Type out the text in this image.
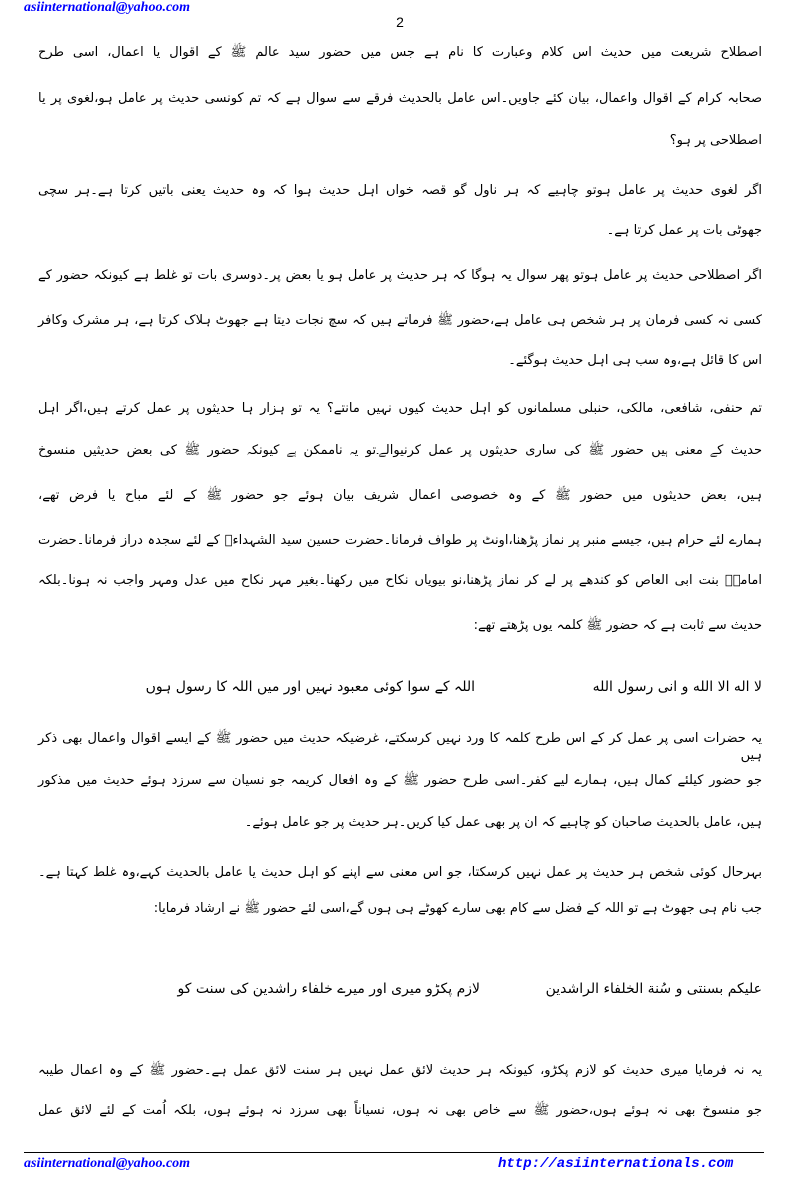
asiinternational@yahoo.com
2
اصطلاح شریعت میں حدیث اس کلام وعبارت کا نام ہے جس میں حضور سید عالم ﷺ کے اقوال یا اعمال، اسی طرح
صحابہ کرام کے اقوال واعمال، بیان کئے جاویں۔اس عامل بالحدیث فرقے سے سوال ہے کہ تم کونسی حدیث پر عامل ہو،لغوی پر یا
اصطلاحی پر ہو؟
اگر لغوی حدیث پر عامل ہوتو چاہیے کہ ہر ناول گو قصہ خواں اہل حدیث ہوا کہ وہ حدیث یعنی باتیں کرتا ہے۔ہر سچی
جھوٹی بات پر عمل کرتا ہے۔
اگر اصطلاحی حدیث پر عامل ہوتو پھر سوال یہ ہوگا کہ ہر حدیث پر عامل ہو یا بعض پر۔دوسری بات تو غلط ہے کیونکہ حضور کے
کسی نہ کسی فرمان پر ہر شخص ہی عامل ہے،حضور ﷺ فرماتے ہیں کہ سچ نجات دیتا ہے جھوٹ ہلاک کرتا ہے، ہر مشرک وکافر
اس کا قائل ہے،وہ سب ہی اہل حدیث ہوگئے۔
تم حنفی، شافعی، مالکی، حنبلی مسلمانوں کو اہل حدیث کیوں نہیں مانتے؟ یہ تو ہزار ہا حدیثوں پر عمل کرتے ہیں،اگر اہل
حدیث کے معنی ہیں حضور ﷺ کی ساری حدیثوں پر عمل کرنیوالے۔تو یہ ناممکن ہے کیونکہ حضور ﷺ کی بعض حدیثیں منسوخ
ہیں، بعض حدیثوں میں حضور ﷺ کے وہ خصوصی اعمال شریف بیان ہوئے جو حضور ﷺ کے لئے مباح یا فرض تھے،
ہمارے لئے حرام ہیں، جیسے منبر پر نماز پڑھنا،اونٹ پر طواف فرمانا۔حضرت حسین سید الشہداءؓ کے لئے سجدہ دراز فرمانا۔حضرت
امامہؓ بنت ابی العاص کو کندھے پر لے کر نماز پڑھنا،نو بیویاں نکاح میں رکھنا۔بغیر مہر نکاح میں عدل ومہر واجب نہ ہونا۔بلکہ
حدیث سے ثابت ہے کہ حضور ﷺ کلمہ یوں پڑھتے تھے:
لا اله الا الله و انی رسول الله
اللہ کے سوا کوئی معبود نہیں اور میں اللہ کا رسول ہوں
یہ حضرات اسی پر عمل کر کے اس طرح کلمہ کا ورد نہیں کرسکتے، غرضیکہ حدیث میں حضور ﷺ کے ایسے اقوال واعمال بھی ذکر ہیں
جو حضور کیلئے کمال ہیں، ہمارے لیے کفر۔اسی طرح حضور ﷺ کے وہ افعال کریمہ جو نسیان سے سرزد ہوئے حدیث میں مذکور
ہیں، عامل بالحدیث صاحبان کو چاہیے کہ ان پر بھی عمل کیا کریں۔ہر حدیث پر جو عامل ہوئے۔
بہرحال کوئی شخص ہر حدیث پر عمل نہیں کرسکتا، جو اس معنی سے اپنے کو اہل حدیث یا عامل بالحدیث کہے،وہ غلط کہتا ہے۔
جب نام ہی جھوٹ ہے تو اللہ کے فضل سے کام بھی سارے کھوٹے ہی ہوں گے،اسی لئے حضور ﷺ نے ارشاد فرمایا:
علیکم بسنتی و سُنة الخلفاء الراشدین
لازم پکڑو میری اور میرے خلفاء راشدین کی سنت کو
یہ نہ فرمایا میری حدیث کو لازم پکڑو، کیونکہ ہر حدیث لائق عمل نہیں ہر سنت لائق عمل ہے۔حضور ﷺ کے وہ اعمال طیبہ
جو منسوخ بھی نہ ہوئے ہوں،حضور ﷺ سے خاص بھی نہ ہوں، نسیاناً بھی سرزد نہ ہوئے ہوں، بلکہ اُمت کے لئے لائق عمل
asiinternational@yahoo.com	http://asiinternationals.com
